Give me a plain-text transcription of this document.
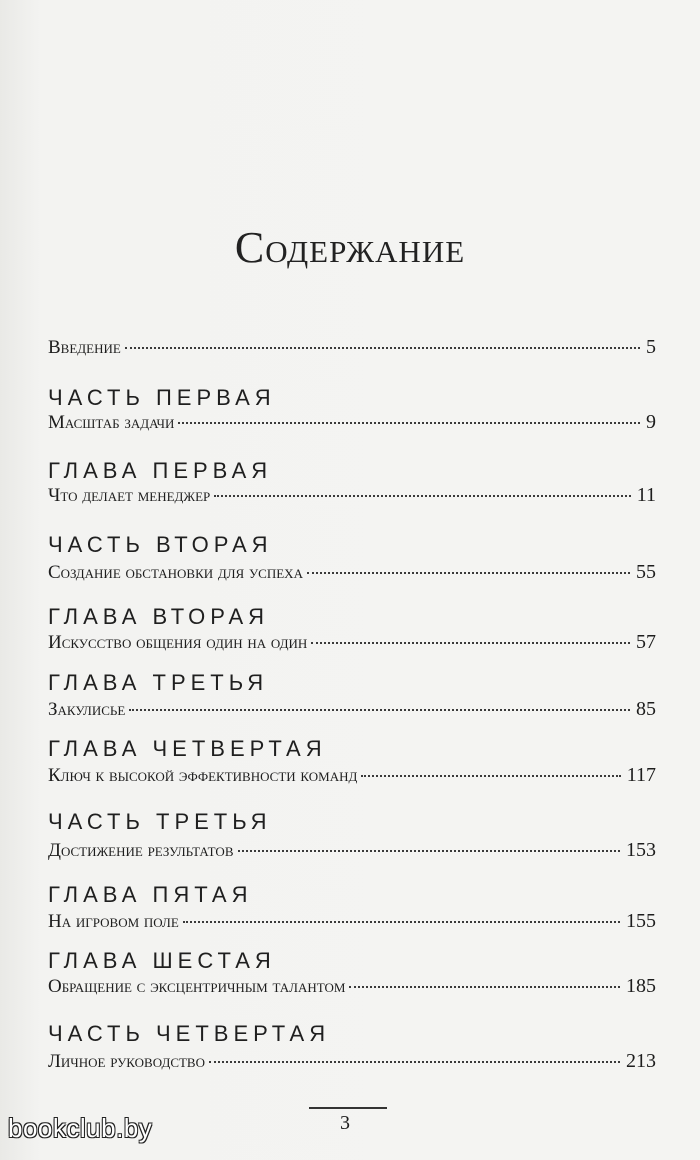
Содержание
Введение	5
ЧАСТЬ ПЕРВАЯ
Масштаб задачи	9
ГЛАВА ПЕРВАЯ
Что делает менеджер	11
ЧАСТЬ ВТОРАЯ
Создание обстановки для успеха	55
ГЛАВА ВТОРАЯ
Искусство общения один на один	57
ГЛАВА ТРЕТЬЯ
Закулисье	85
ГЛАВА ЧЕТВЕРТАЯ
Ключ к высокой эффективности команд	117
ЧАСТЬ ТРЕТЬЯ
Достижение результатов	153
ГЛАВА ПЯТАЯ
На игровом поле	155
ГЛАВА ШЕСТАЯ
Обращение с эксцентричным талантом	185
ЧАСТЬ ЧЕТВЕРТАЯ
Личное руководство	213
3
bookclub.by
